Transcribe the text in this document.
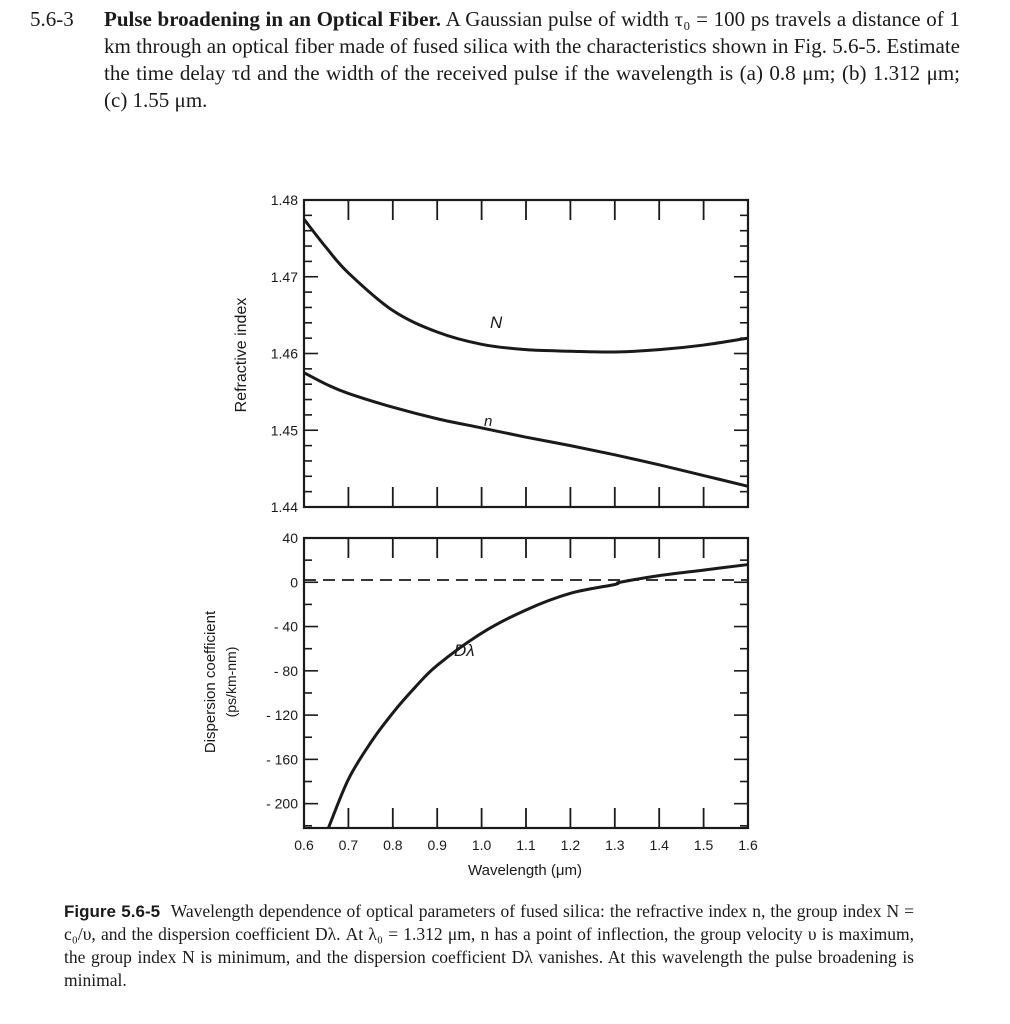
5.6-3 Pulse broadening in an Optical Fiber. A Gaussian pulse of width τ₀ = 100 ps travels a distance of 1 km through an optical fiber made of fused silica with the characteristics shown in Fig. 5.6-5. Estimate the time delay τd and the width of the received pulse if the wavelength is (a) 0.8 μm; (b) 1.312 μm; (c) 1.55 μm.
1.48
1.47
1.46
1.45
1.44
Refractive index	N
n
40
0
- 40
- 80
- 120
- 160
- 200
0.6 0.7 0.8 0.9 1.0 1.1 1.2 1.3 1.4 1.5 1.6
Dispersion coefficient (ps/km-nm)
Wavelength (μm)
Dλ
Figure 5.6-5 Wavelength dependence of optical parameters of fused silica: the refractive index n, the group index N = c₀/υ, and the dispersion coefficient Dλ. At λ₀ = 1.312 μm, n has a point of inflection, the group velocity υ is maximum, the group index N is minimum, and the dispersion coefficient Dλ vanishes. At this wavelength the pulse broadening is minimal.
